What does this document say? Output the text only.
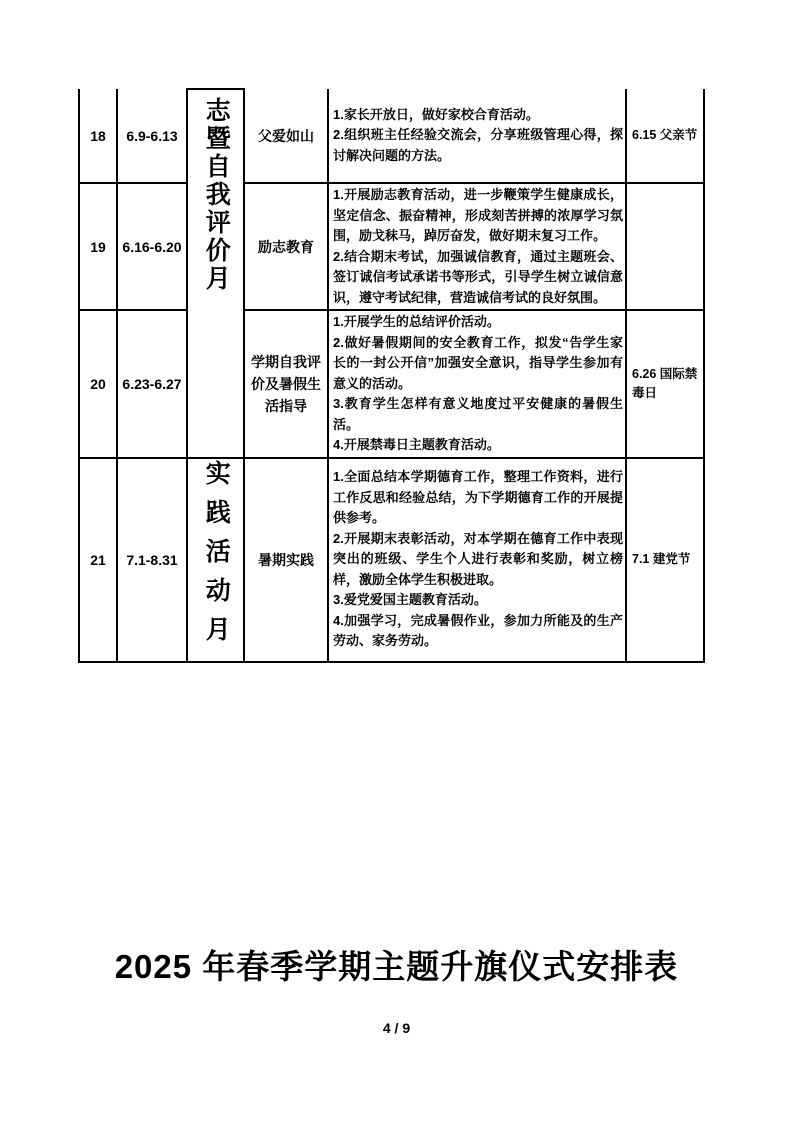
18	6.9-6.13	志暨自我评价月	父爱如山	1.家长开放日，做好家校合育活动。
2.组织班主任经验交流会，分享班级管理心得，探讨解决问题的方法。	6.15 父亲节
19	6.16-6.20		励志教育	1.开展励志教育活动，进一步鞭策学生健康成长，坚定信念、振奋精神，形成刻苦拼搏的浓厚学习氛围，励戈秣马，踔厉奋发，做好期末复习工作。
2.结合期末考试，加强诚信教育，通过主题班会、签订诚信考试承诺书等形式，引导学生树立诚信意识，遵守考试纪律，营造诚信考试的良好氛围。	

20	6.23-6.27		学期自我评价及暑假生活指导	1.开展学生的总结评价活动。
2.做好暑假期间的安全教育工作，拟发“告学生家长的一封公开信”加强安全意识，指导学生参加有意义的活动。
3.教育学生怎样有意义地度过平安健康的暑假生活。
4.开展禁毒日主题教育活动。	6.26 国际禁毒日
21	7.1-8.31	实践活动月	暑期实践	1.全面总结本学期德育工作，整理工作资料，进行工作反思和经验总结，为下学期德育工作的开展提供参考。
2.开展期末表彰活动，对本学期在德育工作中表现突出的班级、学生个人进行表彰和奖励，树立榜样，激励全体学生积极进取。
3.爱党爱国主题教育活动。
4.加强学习，完成暑假作业，参加力所能及的生产劳动、家务劳动。	7.1 建党节
2025 年春季学期主题升旗仪式安排表
4 / 9
